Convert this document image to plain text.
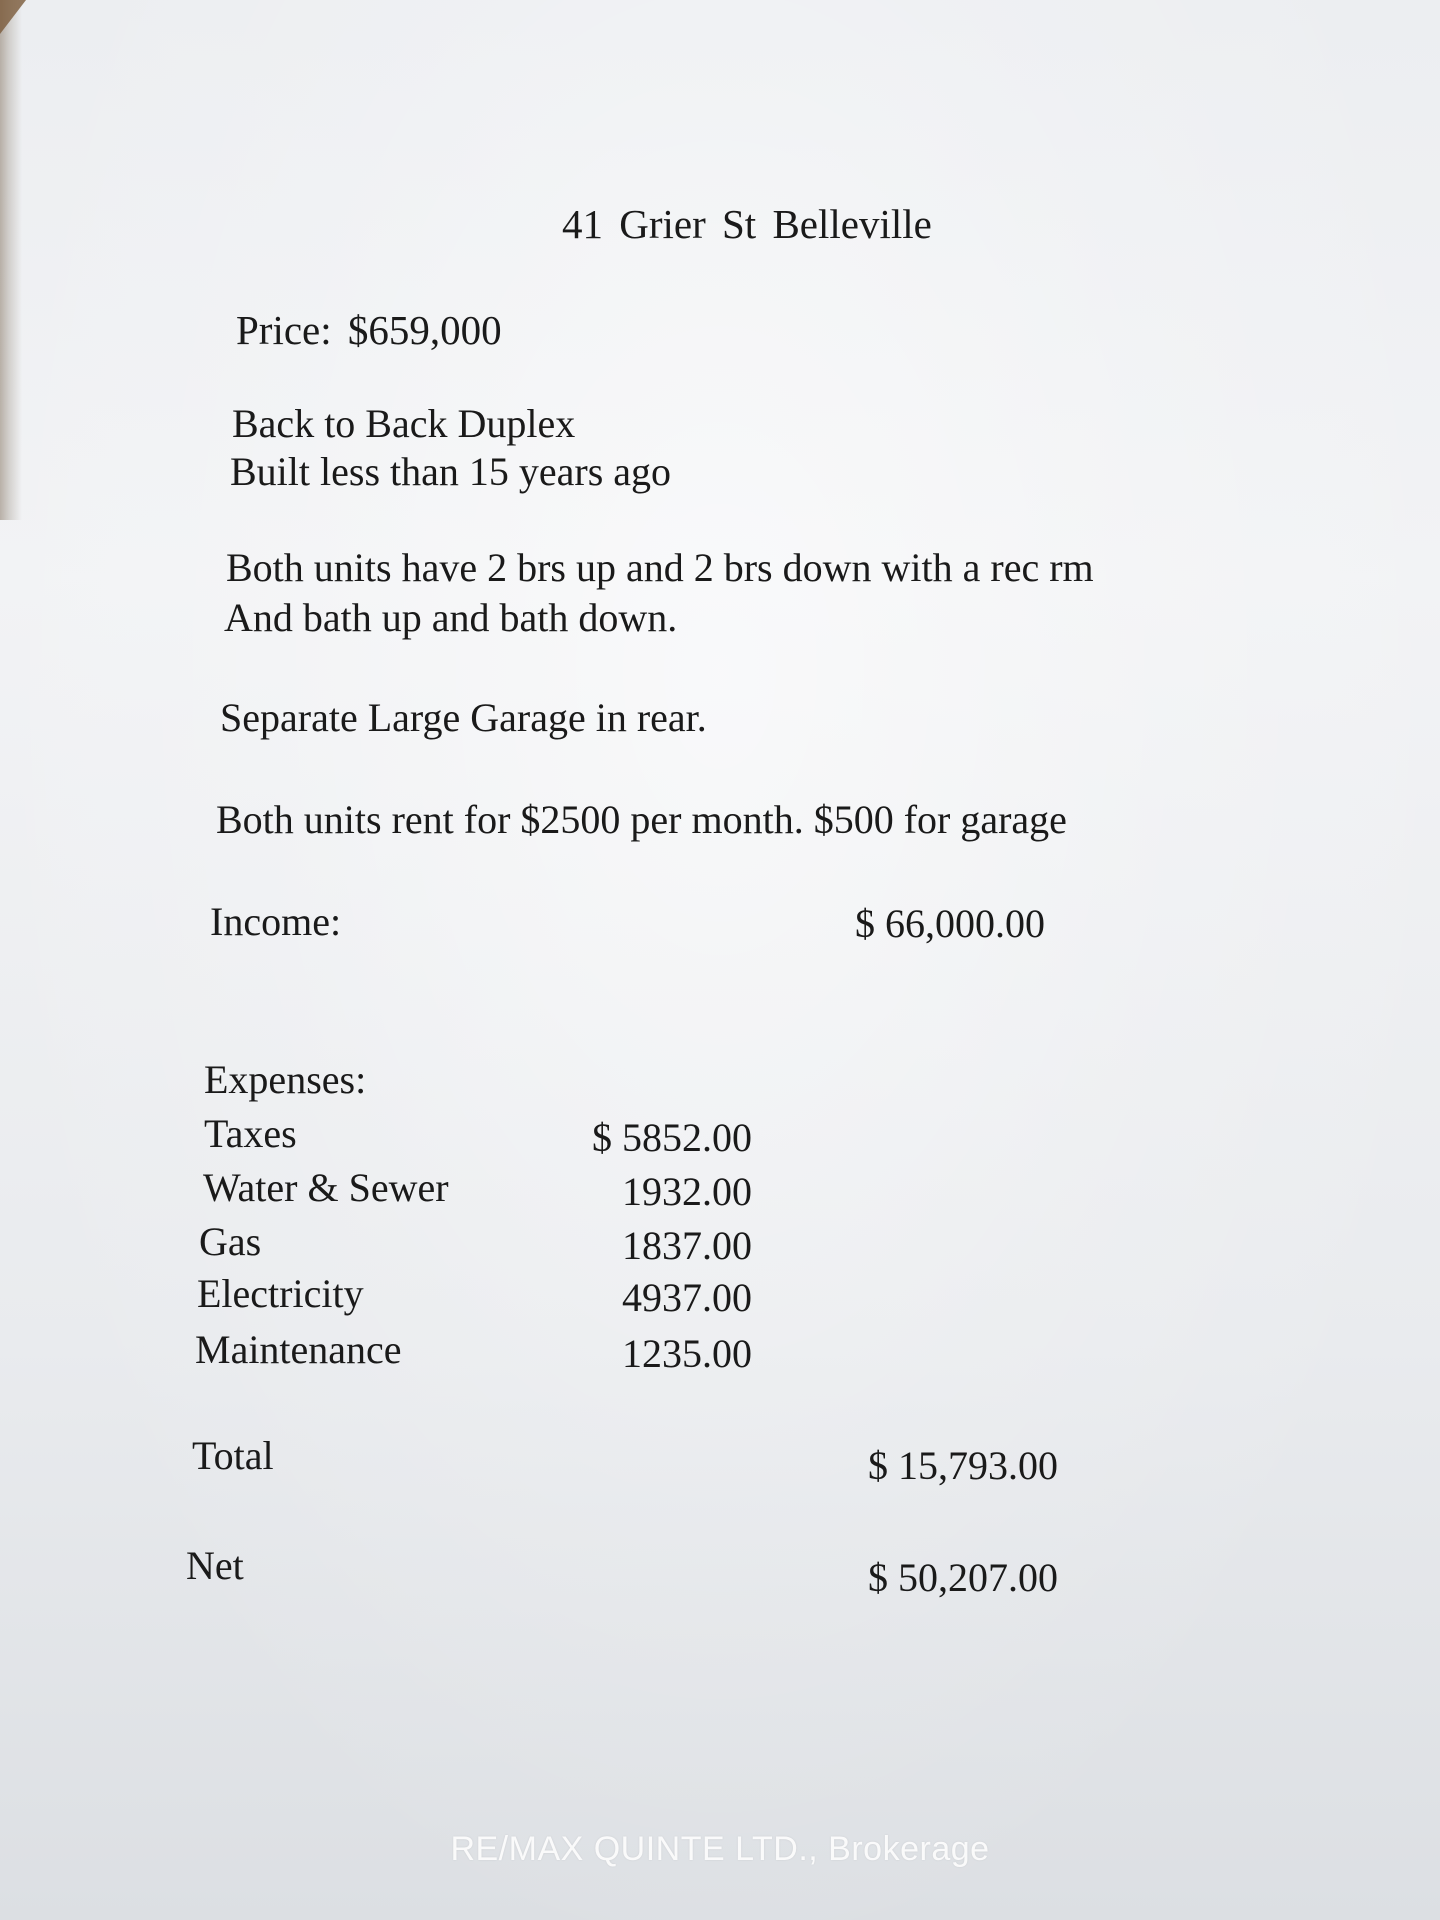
41 Grier St Belleville
Price: $659,000
Back to Back Duplex
Built less than 15 years ago
Both units have 2 brs up and 2 brs down with a rec rm
And bath up and bath down.
Separate Large Garage in rear.
Both units rent for $2500 per month. $500 for garage
Income:	$ 66,000.00
Expenses:
Taxes	$ 5852.00
Water & Sewer	1932.00
Gas	1837.00
Electricity	4937.00
Maintenance	1235.00
Total	$ 15,793.00
Net	$ 50,207.00
RE/MAX QUINTE LTD., Brokerage
